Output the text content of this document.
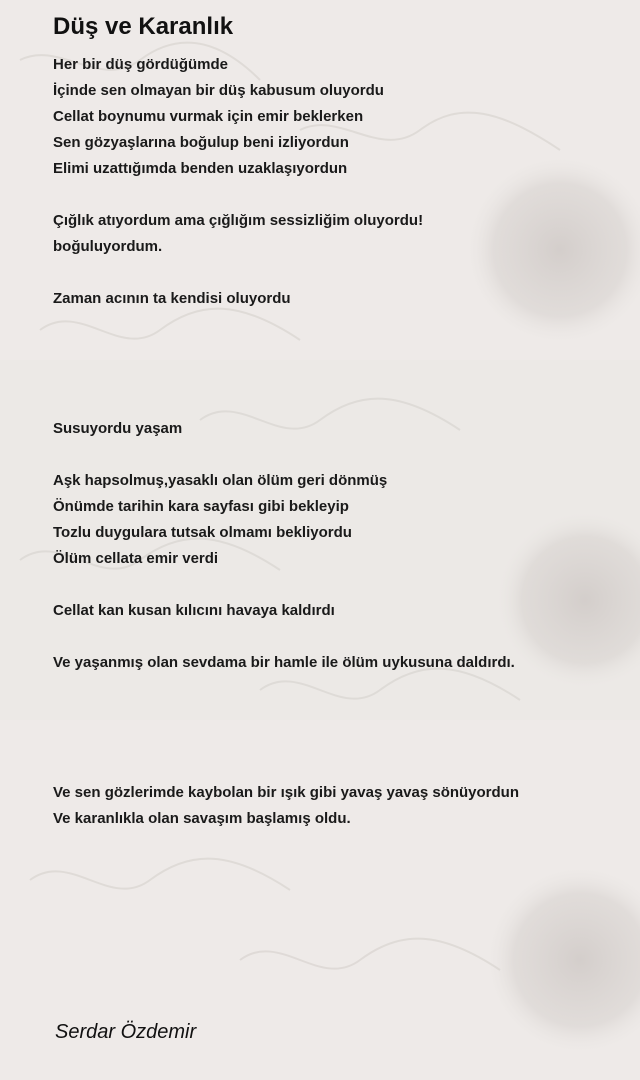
Düş ve Karanlık
Her bir düş gördüğümde
İçinde sen olmayan bir düş kabusum oluyordu
Cellat boynumu vurmak için emir beklerken
Sen gözyaşlarına boğulup beni izliyordun
Elimi uzattığımda benden uzaklaşıyordun
Çığlık atıyordum ama çığlığım sessizliğim oluyordu!
boğuluyordum.
Zaman acının ta kendisi oluyordu
Susuyordu yaşam
Aşk hapsolmuş,yasaklı olan ölüm geri dönmüş
Önümde tarihin kara sayfası gibi bekleyip
Tozlu duygulara tutsak olmamı bekliyordu
Ölüm cellata emir verdi
Cellat kan kusan kılıcını havaya kaldırdı
Ve yaşanmış olan sevdama bir hamle ile ölüm uykusuna daldırdı.
Ve sen gözlerimde kaybolan bir ışık gibi yavaş yavaş sönüyordun
Ve karanlıkla olan savaşım başlamış oldu.
Serdar Özdemir
